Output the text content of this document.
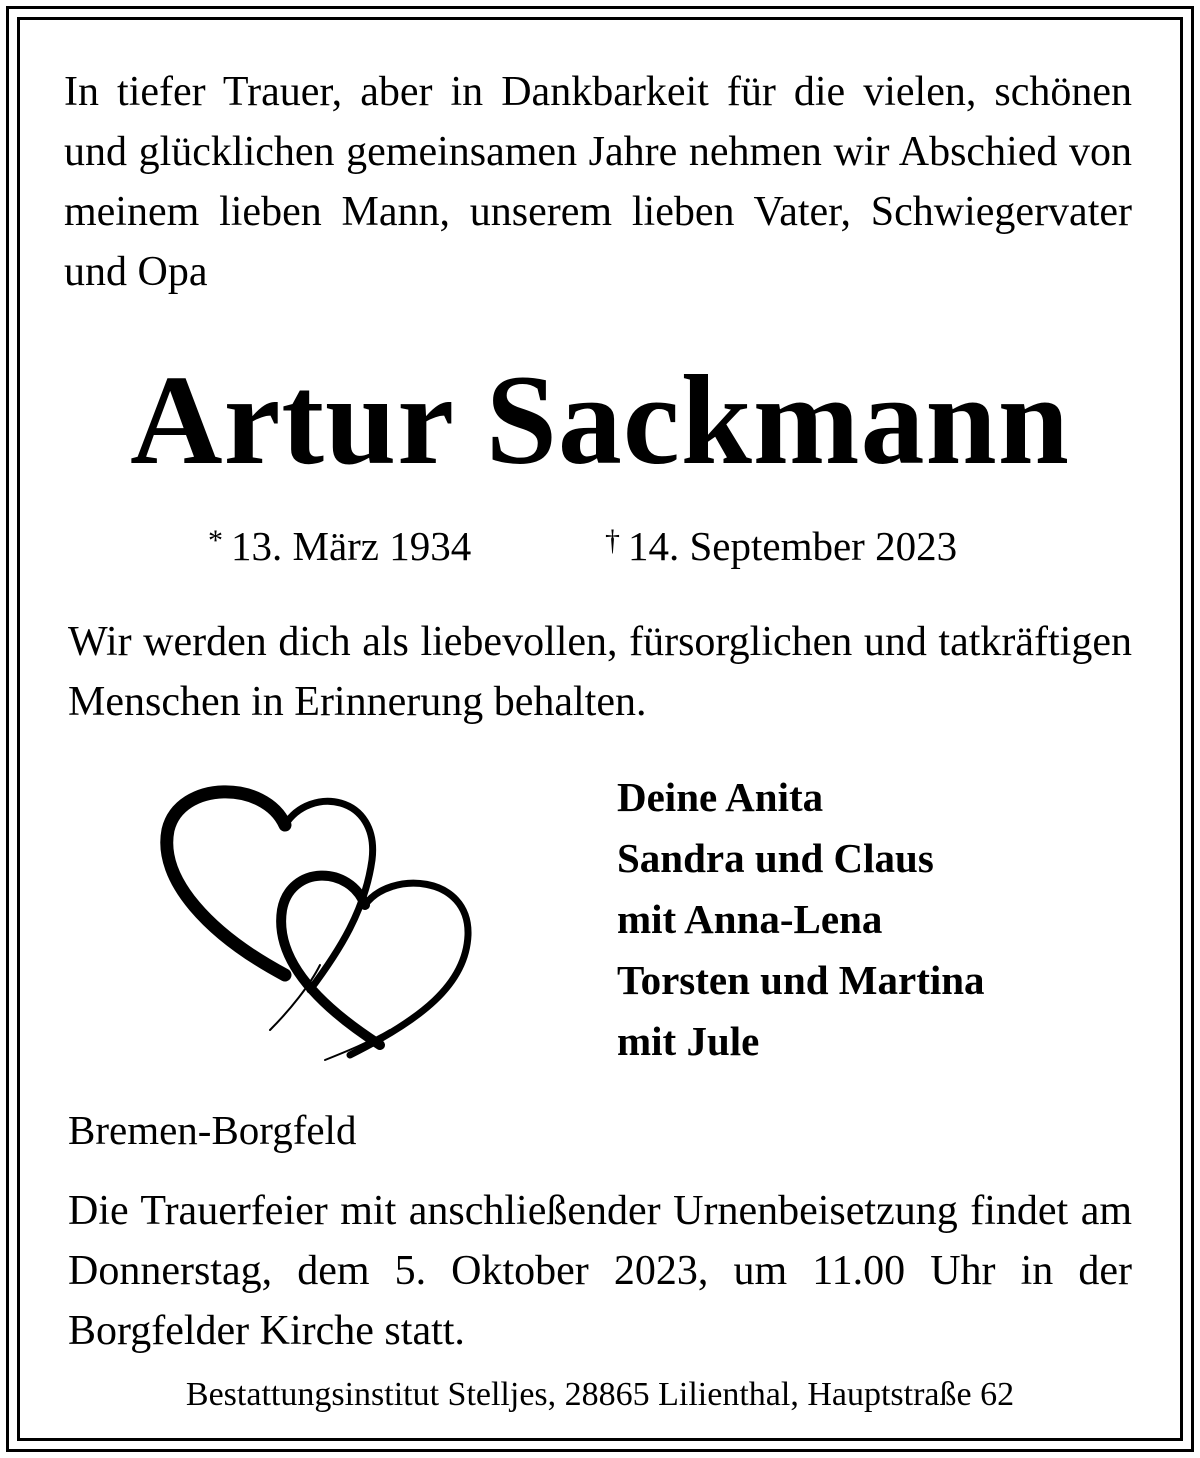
In tiefer Trauer, aber in Dankbarkeit für die vielen, schönen und glücklichen gemeinsamen Jahre nehmen wir Abschied von meinem lieben Mann, unserem lieben Vater, Schwiegervater und Opa
Artur Sackmann
* 13. März 1934	† 14. September 2023
Wir werden dich als liebevollen, fürsorglichen und tatkräftigen Menschen in Erinnerung behalten.
Deine Anita
Sandra und Claus
mit Anna-Lena
Torsten und Martina
mit Jule
Bremen-Borgfeld
Die Trauerfeier mit anschließender Urnenbeisetzung findet am Donnerstag, dem 5. Oktober 2023, um 11.00 Uhr in der Borgfelder Kirche statt.
Bestattungsinstitut Stelljes, 28865 Lilienthal, Hauptstraße 62
